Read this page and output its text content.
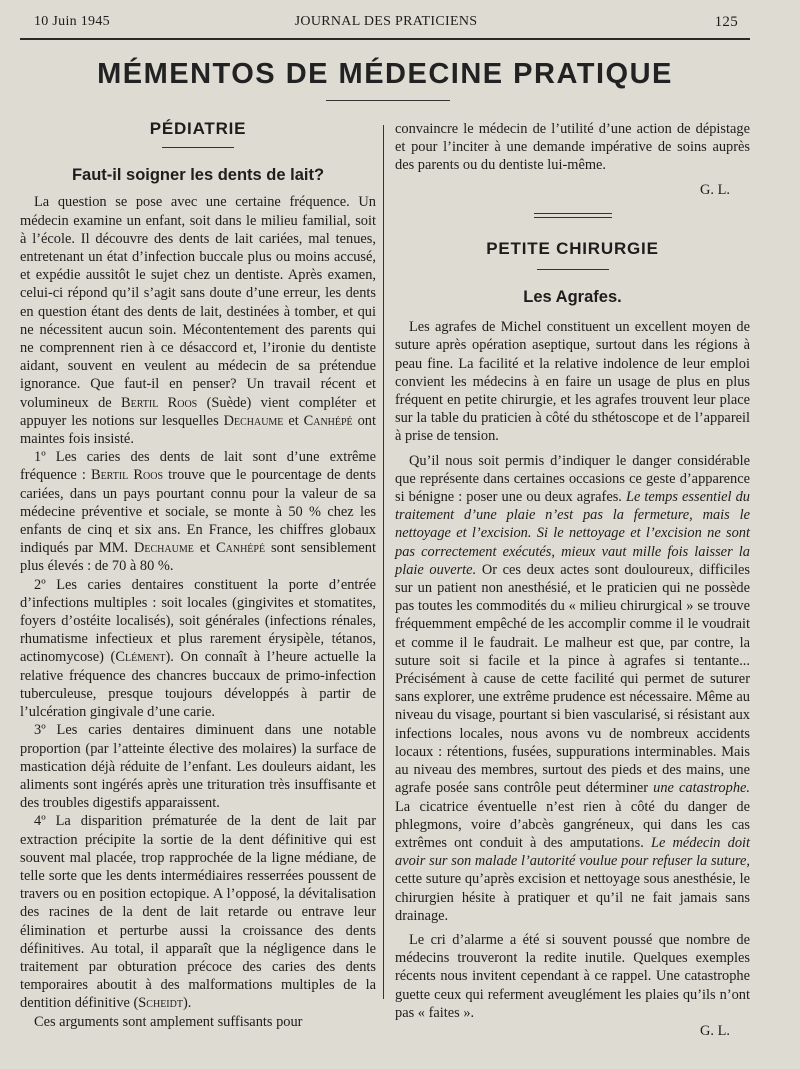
10 Juin 1945	JOURNAL DES PRATICIENS	125
MÉMENTOS DE MÉDECINE PRATIQUE
PÉDIATRIE
Faut-il soigner les dents de lait?

La question se pose avec une certaine fréquence. Un médecin examine un enfant, soit dans le milieu familial, soit à l’école. Il découvre des dents de lait cariées, mal tenues, entretenant un état d’infection buccale plus ou moins accusé, et expédie aussitôt le sujet chez un dentiste. Après examen, celui-ci répond qu’il s’agit sans doute d’une erreur, les dents en question étant des dents de lait, destinées à tomber, et qui ne nécessitent aucun soin. Mécontentement des parents qui ne comprennent rien à ce désaccord et, l’ironie du dentiste aidant, souvent en veulent au médecin de sa prétendue ignorance. Que faut-il en penser? Un travail récent et volumineux de Bertil Roos (Suède) vient compléter et appuyer les notions sur lesquelles Dechaume et Canhépé ont maintes fois insisté.

1º Les caries des dents de lait sont d’une extrême fréquence : Bertil Roos trouve que le pourcentage de dents cariées, dans un pays pourtant connu pour la valeur de sa médecine préventive et sociale, se monte à 50 % chez les enfants de cinq et six ans. En France, les chiffres globaux indiqués par MM. Dechaume et Canhépé sont sensiblement plus élevés : de 70 à 80 %.

2º Les caries dentaires constituent la porte d’entrée d’infections multiples : soit locales (gingivites et stomatites, foyers d’ostéite localisés), soit générales (infections rénales, rhumatisme infectieux et plus rarement érysipèle, tétanos, actinomycose) (Clément). On connaît à l’heure actuelle la relative fréquence des chancres buccaux de primo-infection tuberculeuse, presque toujours développés à partir de l’ulcération gingivale d’une carie.

3º Les caries dentaires diminuent dans une notable proportion (par l’atteinte élective des molaires) la surface de mastication déjà réduite de l’enfant. Les douleurs aidant, les aliments sont ingérés après une trituration très insuffisante et des troubles digestifs apparaissent.

4º La disparition prématurée de la dent de lait par extraction précipite la sortie de la dent définitive qui est souvent mal placée, trop rapprochée de la ligne médiane, de telle sorte que les dents intermédiaires resserrées poussent de travers ou en position ectopique. A l’opposé, la dévitalisation des racines de la dent de lait retarde ou entrave leur élimination et perturbe aussi la croissance des dents définitives. Au total, il apparaît que la négligence dans le traitement par obturation précoce des caries des dents temporaires aboutit à des malformations multiples de la dentition définitive (Scheidt).

Ces arguments sont amplement suffisants pour

convaincre le médecin de l’utilité d’une action de dépistage et pour l’inciter à une demande impérative de soins auprès des parents ou du dentiste lui-même.

G. L.

PETITE CHIRURGIE
Les Agrafes.

Les agrafes de Michel constituent un excellent moyen de suture après opération aseptique, surtout dans les régions à peau fine. La facilité et la relative indolence de leur emploi convient les médecins à en faire un usage de plus en plus fréquent en petite chirurgie, et les agrafes trouvent leur place sur la table du praticien à côté du sthétoscope et de l’appareil à prise de tension.

Qu’il nous soit permis d’indiquer le danger considérable que représente dans certaines occasions ce geste d’apparence si bénigne : poser une ou deux agrafes. Le temps essentiel du traitement d’une plaie n’est pas la fermeture, mais le nettoyage et l’excision. Si le nettoyage et l’excision ne sont pas correctement exécutés, mieux vaut mille fois laisser la plaie ouverte. Or ces deux actes sont douloureux, difficiles sur un patient non anesthésié, et le praticien qui ne possède pas toutes les commodités du « milieu chirurgical » se trouve fréquemment empêché de les accomplir comme il le voudrait et comme il le faudrait. Le malheur est que, par contre, la suture soit si facile et la pince à agrafes si tentante... Précisément à cause de cette facilité qui permet de suturer sans explorer, une extrême prudence est nécessaire. Même au niveau du visage, pourtant si bien vascularisé, si résistant aux infections locales, nous avons vu de nombreux accidents locaux : rétentions, fusées, suppurations interminables. Mais au niveau des membres, surtout des pieds et des mains, une agrafe posée sans contrôle peut déterminer une catastrophe. La cicatrice éventuelle n’est rien à côté du danger de phlegmons, voire d’abcès gangréneux, qui dans les cas extrêmes ont conduit à des amputations. Le médecin doit avoir sur son malade l’autorité voulue pour refuser la suture, cette suture qu’après excision et nettoyage sous anesthésie, le chirurgien hésite à pratiquer et qu’il ne fait jamais sans drainage.

Le cri d’alarme a été si souvent poussé que nombre de médecins trouveront la redite inutile. Quelques exemples récents nous invitent cependant à ce rappel. Une catastrophe guette ceux qui referment aveuglément les plaies qu’ils n’ont pas « faites ».

G. L.
